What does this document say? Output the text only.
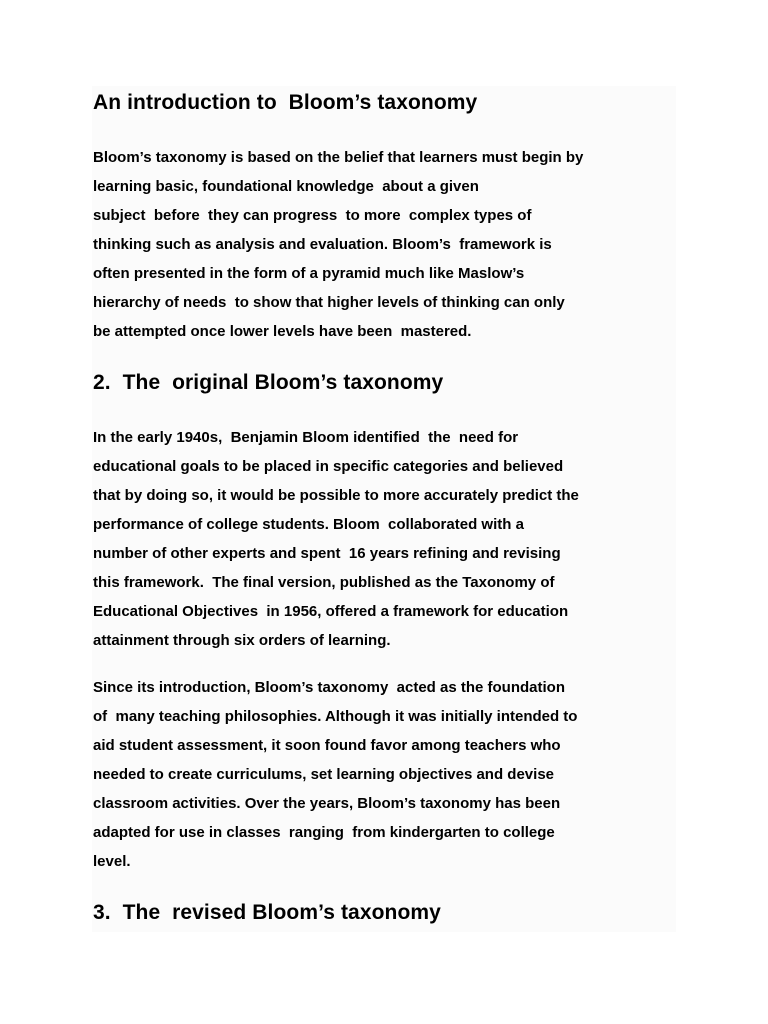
An introduction to  Bloom’s taxonomy
Bloom’s taxonomy is based on the belief that learners must begin by
learning basic, foundational knowledge  about a given
subject  before  they can progress  to more  complex types of
thinking such as analysis and evaluation. Bloom’s  framework is
often presented in the form of a pyramid much like Maslow’s
hierarchy of needs  to show that higher levels of thinking can only
be attempted once lower levels have been  mastered.
2.  The  original Bloom’s taxonomy
In the early 1940s,  Benjamin Bloom identified  the  need for
educational goals to be placed in specific categories and believed
that by doing so, it would be possible to more accurately predict the
performance of college students. Bloom  collaborated with a
number of other experts and spent  16 years refining and revising
this framework.  The final version, published as the Taxonomy of
Educational Objectives  in 1956, offered a framework for education
attainment through six orders of learning.
Since its introduction, Bloom’s taxonomy  acted as the foundation
of  many teaching philosophies. Although it was initially intended to
aid student assessment, it soon found favor among teachers who
needed to create curriculums, set learning objectives and devise
classroom activities. Over the years, Bloom’s taxonomy has been
adapted for use in classes  ranging  from kindergarten to college
level.
3.  The  revised Bloom’s taxonomy
